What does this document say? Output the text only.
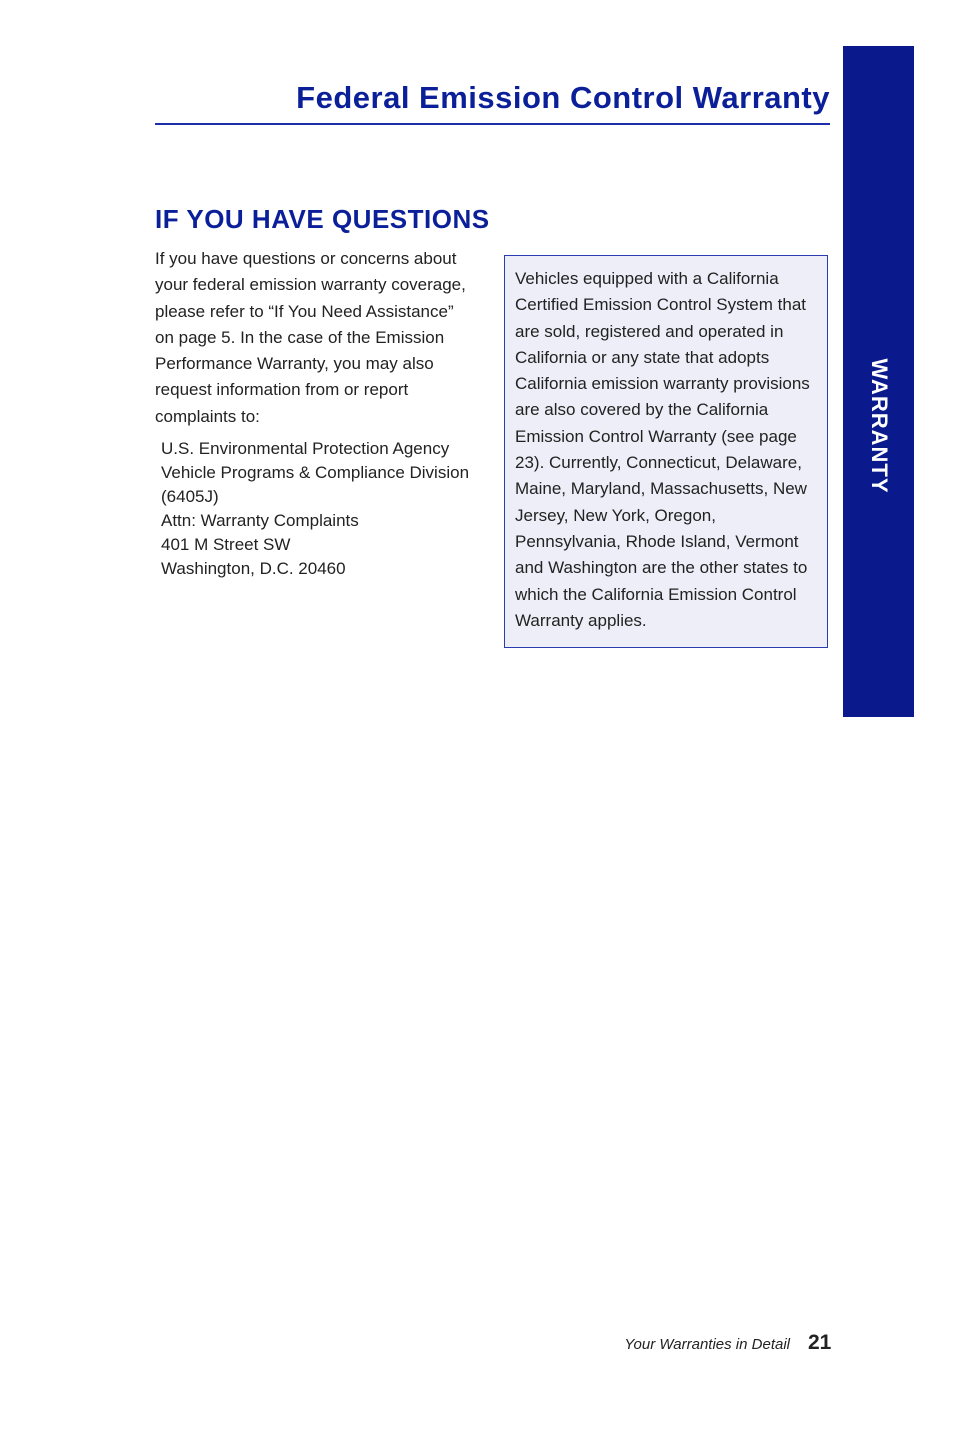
WARRANTY
Federal Emission Control Warranty
IF YOU HAVE QUESTIONS

If you have questions or concerns about your federal emission warranty coverage, please refer to “If You Need Assistance” on page 5. In the case of the Emission Performance Warranty, you may also request information from or report complaints to:

U.S. Environmental Protection Agency
Vehicle Programs & Compliance Division
(6405J)
Attn: Warranty Complaints
401 M Street SW
Washington, D.C. 20460

Vehicles equipped with a California Certified Emission Control System that are sold, registered and operated in California or any state that adopts California emission warranty provisions are also covered by the California Emission Control Warranty (see page 23). Currently, Connecticut, Delaware, Maine, Maryland, Massachusetts, New Jersey, New York, Oregon, Pennsylvania, Rhode Island, Vermont and Washington are the other states to which the California Emission Control Warranty applies.

Your Warranties in Detail 21
